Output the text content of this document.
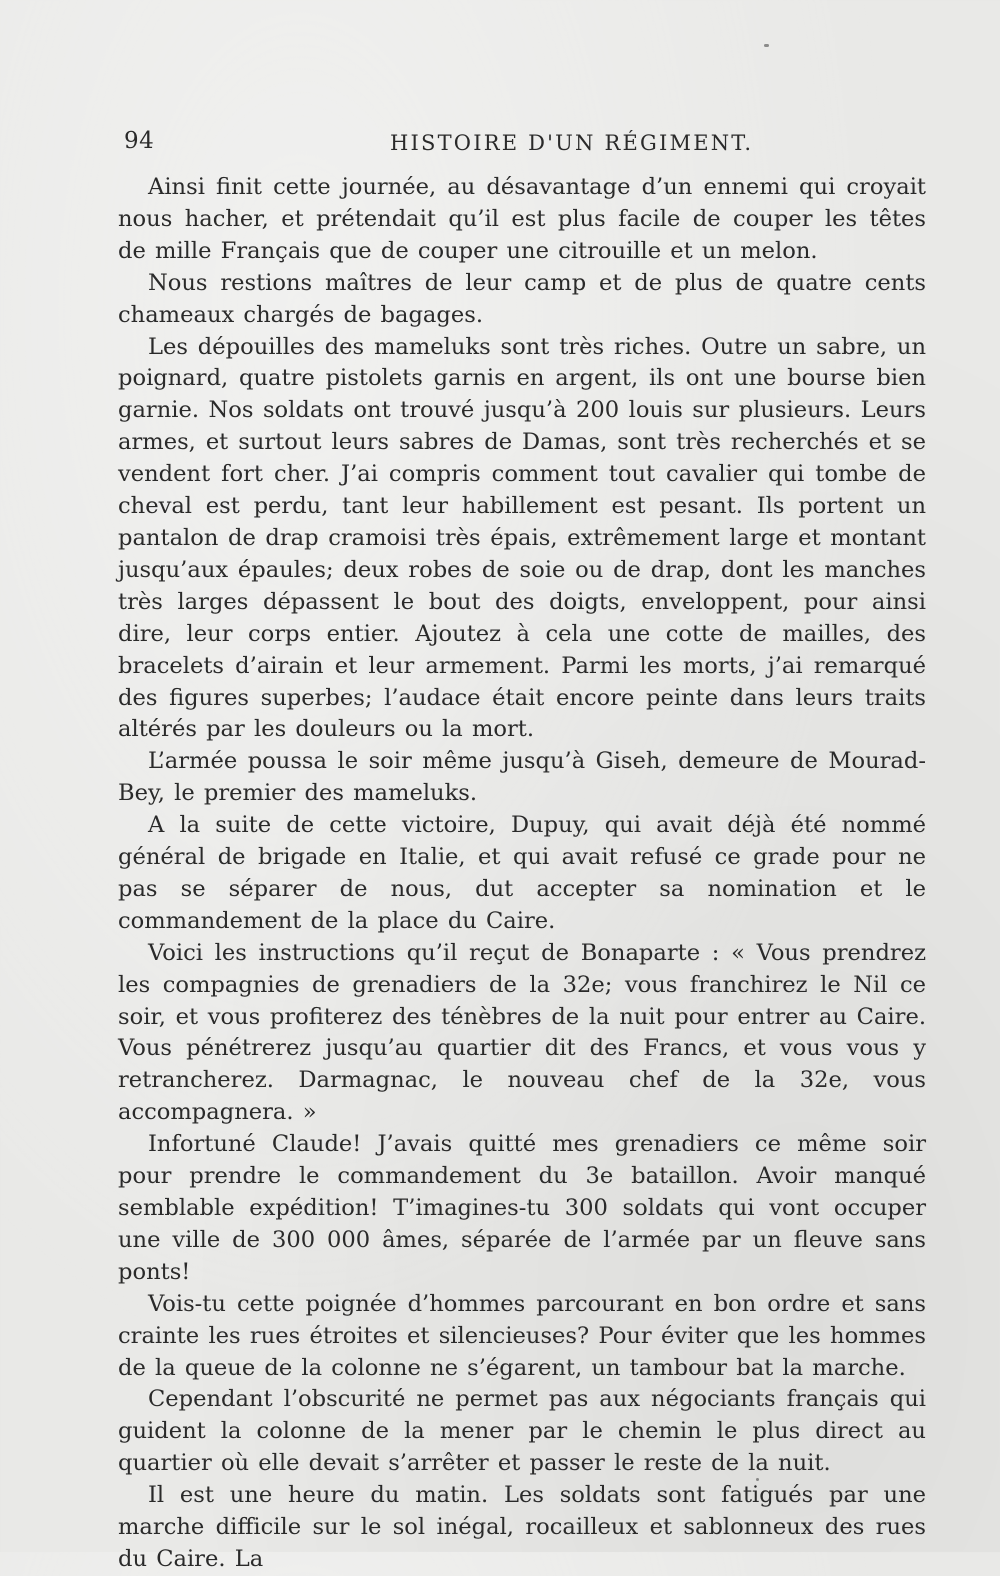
94	HISTOIRE D'UN RÉGIMENT.

Ainsi finit cette journée, au désavantage d’un ennemi qui croyait nous hacher, et prétendait qu’il est plus facile de couper les têtes de mille Français que de couper une citrouille et un melon.

Nous restions maîtres de leur camp et de plus de quatre cents chameaux chargés de bagages.

Les dépouilles des mameluks sont très riches. Outre un sabre, un poignard, quatre pistolets garnis en argent, ils ont une bourse bien garnie. Nos soldats ont trouvé jusqu’à 200 louis sur plusieurs. Leurs armes, et surtout leurs sabres de Damas, sont très recherchés et se vendent fort cher. J’ai compris comment tout cavalier qui tombe de cheval est perdu, tant leur habillement est pesant. Ils portent un pantalon de drap cramoisi très épais, extrêmement large et montant jusqu’aux épaules; deux robes de soie ou de drap, dont les manches très larges dépassent le bout des doigts, enveloppent, pour ainsi dire, leur corps entier. Ajoutez à cela une cotte de mailles, des bracelets d’airain et leur armement. Parmi les morts, j’ai remarqué des figures superbes; l’audace était encore peinte dans leurs traits altérés par les douleurs ou la mort.

L’armée poussa le soir même jusqu’à Giseh, demeure de Mourad-Bey, le premier des mameluks.

A la suite de cette victoire, Dupuy, qui avait déjà été nommé général de brigade en Italie, et qui avait refusé ce grade pour ne pas se séparer de nous, dut accepter sa nomination et le commandement de la place du Caire.

Voici les instructions qu’il reçut de Bonaparte : « Vous prendrez les compagnies de grenadiers de la 32e; vous franchirez le Nil ce soir, et vous profiterez des ténèbres de la nuit pour entrer au Caire. Vous pénétrerez jusqu’au quartier dit des Francs, et vous vous y retrancherez. Darmagnac, le nouveau chef de la 32e, vous accompagnera. »

Infortuné Claude! J’avais quitté mes grenadiers ce même soir pour prendre le commandement du 3e bataillon. Avoir manqué semblable expédition! T’imagines-tu 300 soldats qui vont occuper une ville de 300 000 âmes, séparée de l’armée par un fleuve sans ponts!

Vois-tu cette poignée d’hommes parcourant en bon ordre et sans crainte les rues étroites et silencieuses? Pour éviter que les hommes de la queue de la colonne ne s’égarent, un tambour bat la marche.

Cependant l’obscurité ne permet pas aux négociants français qui guident la colonne de la mener par le chemin le plus direct au quartier où elle devait s’arrêter et passer le reste de la nuit.

Il est une heure du matin. Les soldats sont fatigués par une marche difficile sur le sol inégal, rocailleux et sablonneux des rues du Caire. La
